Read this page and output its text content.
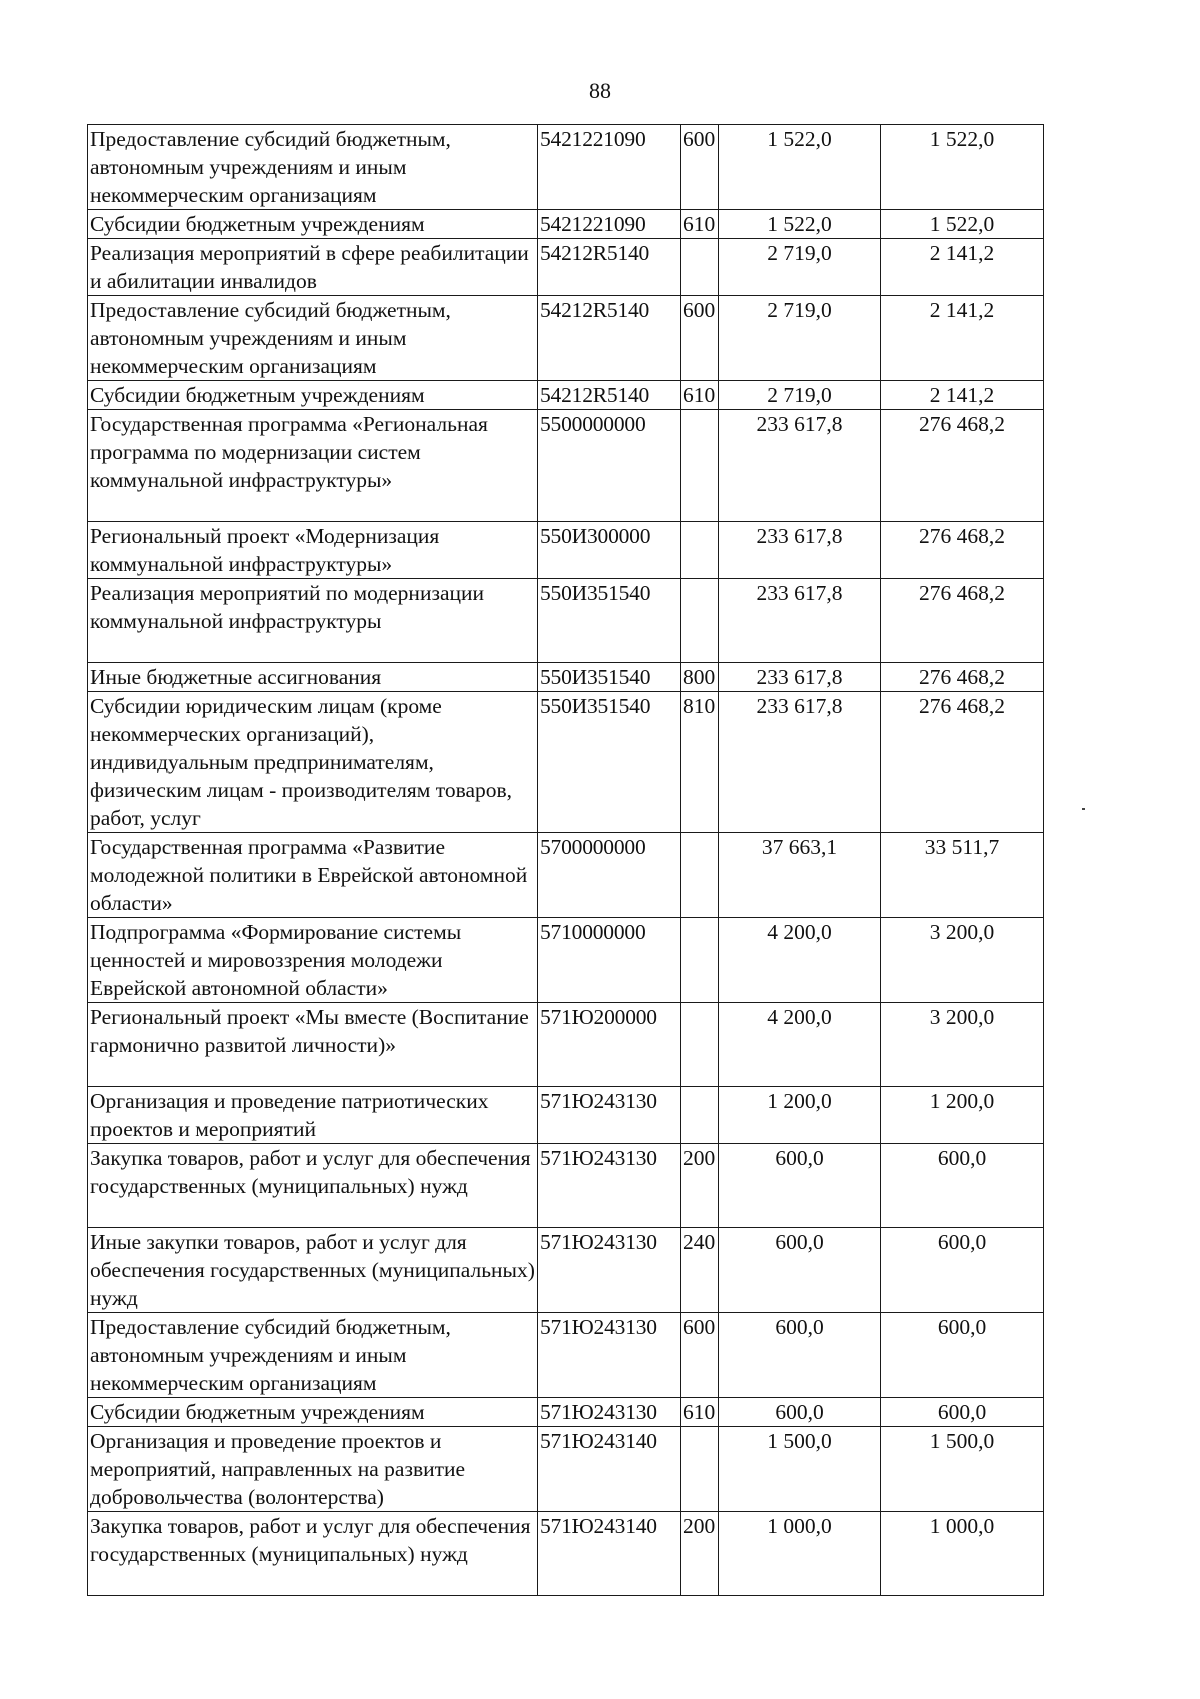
88
Предоставление субсидий бюджетным, автономным учреждениям и иным некоммерческим организациям	5421221090	600	1 522,0	1 522,0
Субсидии бюджетным учреждениям	5421221090	610	1 522,0	1 522,0
Реализация мероприятий в сфере реабилитации и абилитации инвалидов	54212R5140		2 719,0	2 141,2
Предоставление субсидий бюджетным, автономным учреждениям и иным некоммерческим организациям	54212R5140	600	2 719,0	2 141,2
Субсидии бюджетным учреждениям	54212R5140	610	2 719,0	2 141,2
Государственная программа «Региональная программа по модернизации систем коммунальной инфраструктуры»	5500000000		233 617,8	276 468,2
Региональный проект «Модернизация коммунальной инфраструктуры»	550И300000		233 617,8	276 468,2
Реализация мероприятий по модернизации коммунальной инфраструктуры	550И351540		233 617,8	276 468,2
Иные бюджетные ассигнования	550И351540	800	233 617,8	276 468,2
Субсидии юридическим лицам (кроме некоммерческих организаций), индивидуальным предпринимателям, физическим лицам - производителям товаров, работ, услуг	550И351540	810	233 617,8	276 468,2
Государственная программа «Развитие молодежной политики в Еврейской автономной области»	5700000000		37 663,1	33 511,7
Подпрограмма «Формирование системы ценностей и мировоззрения молодежи Еврейской автономной области»	5710000000		4 200,0	3 200,0
Региональный проект «Мы вместе (Воспитание гармонично развитой личности)»	571Ю200000		4 200,0	3 200,0
Организация и проведение патриотических проектов и мероприятий	571Ю243130		1 200,0	1 200,0
Закупка товаров, работ и услуг для обеспечения государственных (муниципальных) нужд	571Ю243130	200	600,0	600,0
Иные закупки товаров, работ и услуг для обеспечения государственных (муниципальных) нужд	571Ю243130	240	600,0	600,0
Предоставление субсидий бюджетным, автономным учреждениям и иным некоммерческим организациям	571Ю243130	600	600,0	600,0
Субсидии бюджетным учреждениям	571Ю243130	610	600,0	600,0
Организация и проведение проектов и мероприятий, направленных на развитие добровольчества (волонтерства)	571Ю243140		1 500,0	1 500,0
Закупка товаров, работ и услуг для обеспечения государственных (муниципальных) нужд	571Ю243140	200	1 000,0	1 000,0
